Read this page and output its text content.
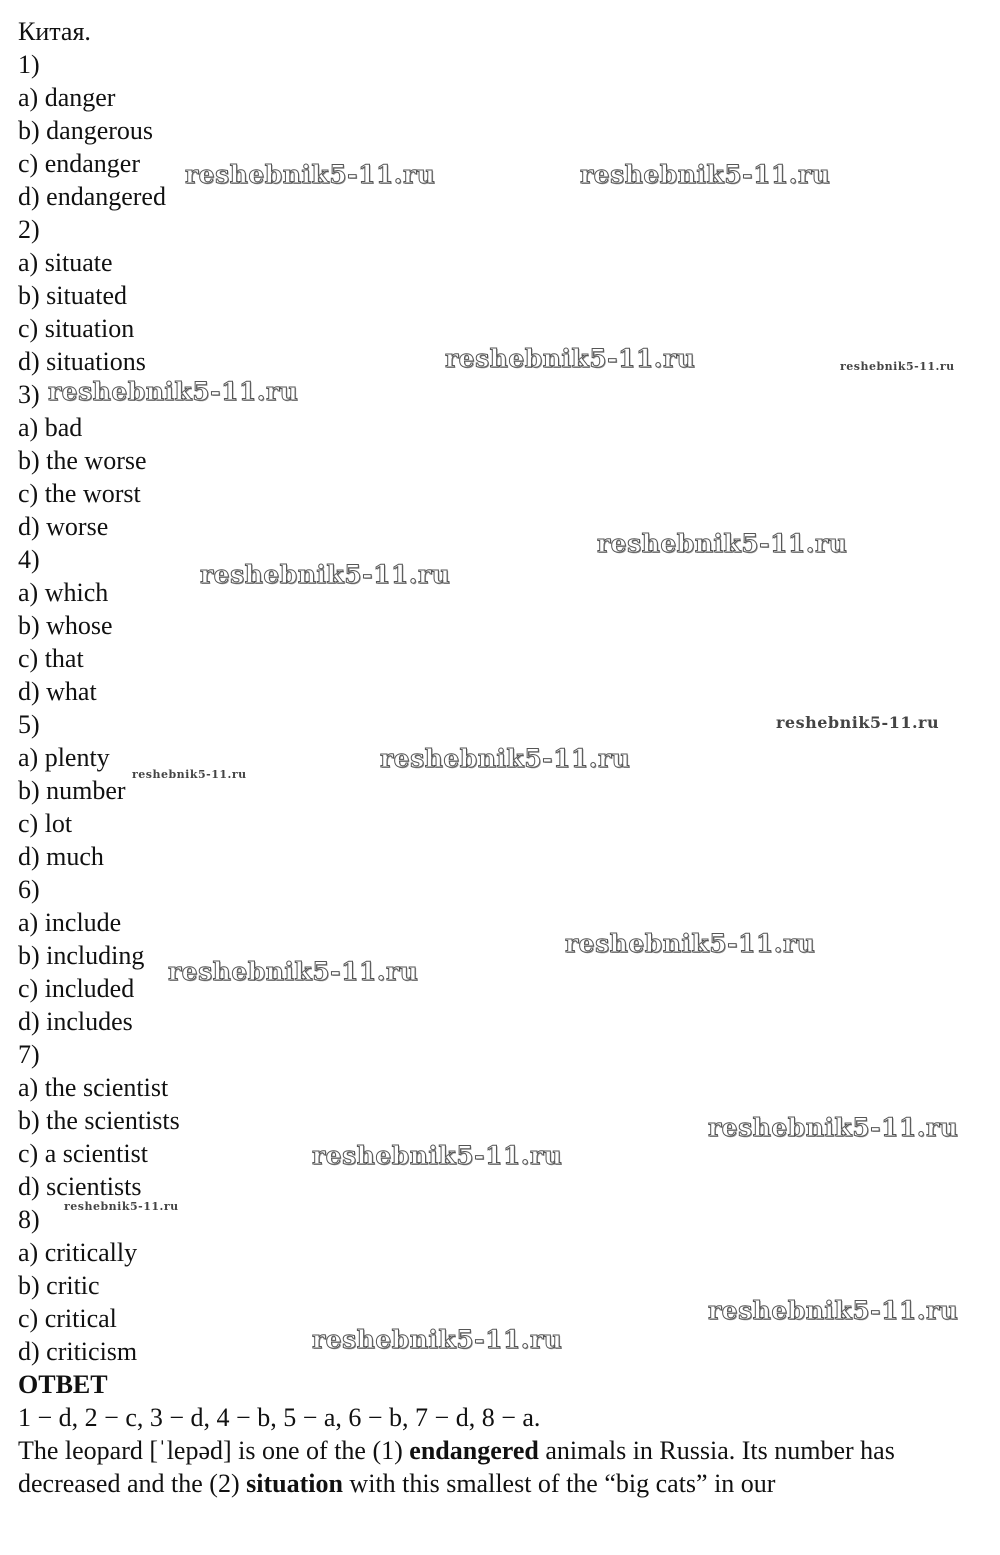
Китая.
1)
a) danger
b) dangerous
c) endanger
d) endangered
2)
a) situate
b) situated
c) situation
d) situations
3)
a) bad
b) the worse
c) the worst
d) worse
4)
a) which
b) whose
c) that
d) what
5)
a) plenty
b) number
c) lot
d) much
6)
a) include
b) including
c) included
d) includes
7)
a) the scientist
b) the scientists
c) a scientist
d) scientists
8)
a) critically
b) critic
c) critical
d) criticism
ОТВЕТ
1 − d, 2 − c, 3 − d, 4 − b, 5 − a, 6 − b, 7 − d, 8 − a.
The leopard [ˈlepəd] is one of the (1) endangered animals in Russia. Its number has decreased and the (2) situation with this smallest of the “big cats” in our
reshebnik5-11.ru	reshebnik5-11.ru
reshebnik5-11.ru	reshebnik5-11.ru
reshebnik5-11.ru
reshebnik5-11.ru
reshebnik5-11.ru
reshebnik5-11.ru
reshebnik5-11.ru
reshebnik5-11.ru
reshebnik5-11.ru
reshebnik5-11.ru
reshebnik5-11.ru
reshebnik5-11.ru
reshebnik5-11.ru
reshebnik5-11.ru
reshebnik5-11.ru
